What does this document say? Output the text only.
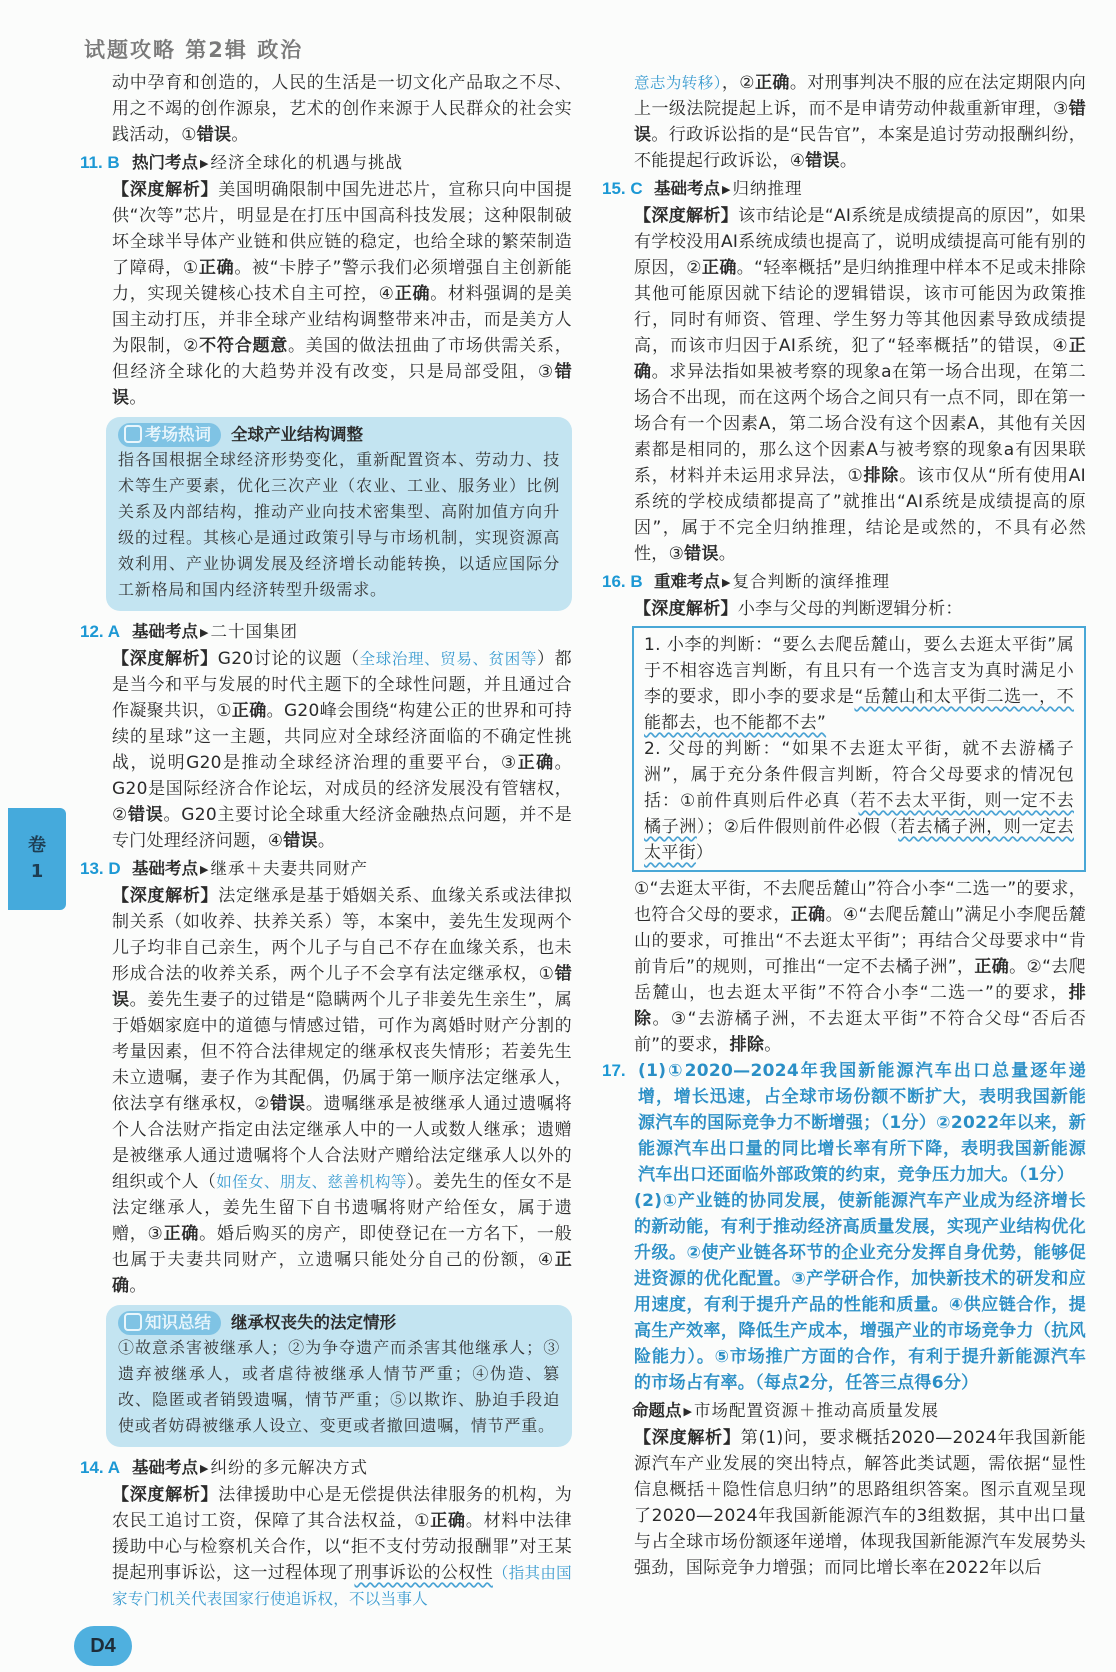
试题攻略 第2辑 政治
动中孕育和创造的，人民的生活是一切文化产品取之不尽、用之不竭的创作源泉，艺术的创作来源于人民群众的社会实践活动，①错误。
11. B 热门考点 ▶ 经济全球化的机遇与挑战
【深度解析】美国明确限制中国先进芯片，宣称只向中国提供“次等”芯片，明显是在打压中国高科技发展；这种限制破坏全球半导体产业链和供应链的稳定，也给全球的繁荣制造了障碍，①正确。被“卡脖子”警示我们必须增强自主创新能力，实现关键核心技术自主可控，④正确。材料强调的是美国主动打压，并非全球产业结构调整带来冲击，而是美方人为限制，②不符合题意。美国的做法扭曲了市场供需关系，但经济全球化的大趋势并没有改变，只是局部受阻，③错误。
考场热词 全球产业结构调整
指各国根据全球经济形势变化，重新配置资本、劳动力、技术等生产要素，优化三次产业（农业、工业、服务业）比例关系及内部结构，推动产业向技术密集型、高附加值方向升级的过程。其核心是通过政策引导与市场机制，实现资源高效利用、产业协调发展及经济增长动能转换，以适应国际分工新格局和国内经济转型升级需求。
12. A 基础考点 ▶ 二十国集团
【深度解析】G20讨论的议题（全球治理、贸易、贫困等）都是当今和平与发展的时代主题下的全球性问题，并且通过合作凝聚共识，①正确。G20峰会围绕“构建公正的世界和可持续的星球”这一主题，共同应对全球经济面临的不确定性挑战，说明G20是推动全球经济治理的重要平台，③正确。G20是国际经济合作论坛，对成员的经济发展没有管辖权，②错误。G20主要讨论全球重大经济金融热点问题，并不是专门处理经济问题，④错误。
13. D 基础考点 ▶ 继承＋夫妻共同财产
【深度解析】法定继承是基于婚姻关系、血缘关系或法律拟制关系（如收养、扶养关系）等，本案中，姜先生发现两个儿子均非自己亲生，两个儿子与自己不存在血缘关系，也未形成合法的收养关系，两个儿子不会享有法定继承权，①错误。姜先生妻子的过错是“隐瞒两个儿子非姜先生亲生”，属于婚姻家庭中的道德与情感过错，可作为离婚时财产分割的考量因素，但不符合法律规定的继承权丧失情形；若姜先生未立遗嘱，妻子作为其配偶，仍属于第一顺序法定继承人，依法享有继承权，②错误。遗嘱继承是被继承人通过遗嘱将个人合法财产指定由法定继承人中的一人或数人继承；遗赠是被继承人通过遗嘱将个人合法财产赠给法定继承人以外的组织或个人（如侄女、朋友、慈善机构等）。姜先生的侄女不是法定继承人，姜先生留下自书遗嘱将财产给侄女，属于遗赠，③正确。婚后购买的房产，即使登记在一方名下，一般也属于夫妻共同财产，立遗嘱只能处分自己的份额，④正确。
知识总结 继承权丧失的法定情形
①故意杀害被继承人；②为争夺遗产而杀害其他继承人；③遗弃被继承人，或者虐待被继承人情节严重；④伪造、篡改、隐匿或者销毁遗嘱，情节严重；⑤以欺诈、胁迫手段迫使或者妨碍被继承人设立、变更或者撤回遗嘱，情节严重。
14. A 基础考点 ▶ 纠纷的多元解决方式
【深度解析】法律援助中心是无偿提供法律服务的机构，为农民工追讨工资，保障了其合法权益，①正确。材料中法律援助中心与检察机关合作，以“拒不支付劳动报酬罪”对王某提起刑事诉讼，这一过程体现了刑事诉讼的公权性（指其由国家专门机关代表国家行使追诉权，不以当事人
D4
意志为转移），②正确。对刑事判决不服的应在法定期限内向上一级法院提起上诉，而不是申请劳动仲裁重新审理，③错误。行政诉讼指的是“民告官”，本案是追讨劳动报酬纠纷，不能提起行政诉讼，④错误。
15. C 基础考点 ▶ 归纳推理
【深度解析】该市结论是“AI系统是成绩提高的原因”，如果有学校没用AI系统成绩也提高了，说明成绩提高可能有别的原因，②正确。“轻率概括”是归纳推理中样本不足或未排除其他可能原因就下结论的逻辑错误，该市可能因为政策推行，同时有师资、管理、学生努力等其他因素导致成绩提高，而该市归因于AI系统，犯了“轻率概括”的错误，④正确。求异法指如果被考察的现象a在第一场合出现，在第二场合不出现，而在这两个场合之间只有一点不同，即在第一场合有一个因素A，第二场合没有这个因素A，其他有关因素都是相同的，那么这个因素A与被考察的现象a有因果联系，材料并未运用求异法，①排除。该市仅从“所有使用AI系统的学校成绩都提高了”就推出“AI系统是成绩提高的原因”，属于不完全归纳推理，结论是或然的，不具有必然性，③错误。
16. B 重难考点 ▶ 复合判断的演绎推理
【深度解析】小李与父母的判断逻辑分析：
1. 小李的判断：“要么去爬岳麓山，要么去逛太平街”属于不相容选言判断，有且只有一个选言支为真时满足小李的要求，即小李的要求是“岳麓山和太平街二选一，不能都去，也不能都不去”
2. 父母的判断：“如果不去逛太平街，就不去游橘子洲”，属于充分条件假言判断，符合父母要求的情况包括：①前件真则后件必真（若不去太平街，则一定不去橘子洲）；②后件假则前件必假（若去橘子洲，则一定去太平街）
①“去逛太平街，不去爬岳麓山”符合小李“二选一”的要求，也符合父母的要求，正确。④“去爬岳麓山”满足小李爬岳麓山的要求，可推出“不去逛太平街”；再结合父母要求中“肯前肯后”的规则，可推出“一定不去橘子洲”，正确。②“去爬岳麓山，也去逛太平街”不符合小李“二选一”的要求，排除。③“去游橘子洲，不去逛太平街”不符合父母“否后否前”的要求，排除。
17. (1)①2020—2024年我国新能源汽车出口总量逐年递增，增长迅速，占全球市场份额不断扩大，表明我国新能源汽车的国际竞争力不断增强；（1分）②2022年以来，新能源汽车出口量的同比增长率有所下降，表明我国新能源汽车出口还面临外部政策的约束，竞争压力加大。（1分）
(2)①产业链的协同发展，使新能源汽车产业成为经济增长的新动能，有利于推动经济高质量发展，实现产业结构优化升级。②使产业链各环节的企业充分发挥自身优势，能够促进资源的优化配置。③产学研合作，加快新技术的研发和应用速度，有利于提升产品的性能和质量。④供应链合作，提高生产效率，降低生产成本，增强产业的市场竞争力（抗风险能力）。⑤市场推广方面的合作，有利于提升新能源汽车的市场占有率。（每点2分，任答三点得6分）
命题点 ▶ 市场配置资源＋推动高质量发展
【深度解析】第(1)问，要求概括2020—2024年我国新能源汽车产业发展的突出特点，解答此类试题，需依据“显性信息概括＋隐性信息归纳”的思路组织答案。图示直观呈现了2020—2024年我国新能源汽车的3组数据，其中出口量与占全球市场份额逐年递增，体现我国新能源汽车发展势头强劲，国际竞争力增强；而同比增长率在2022年以后
卷
1
